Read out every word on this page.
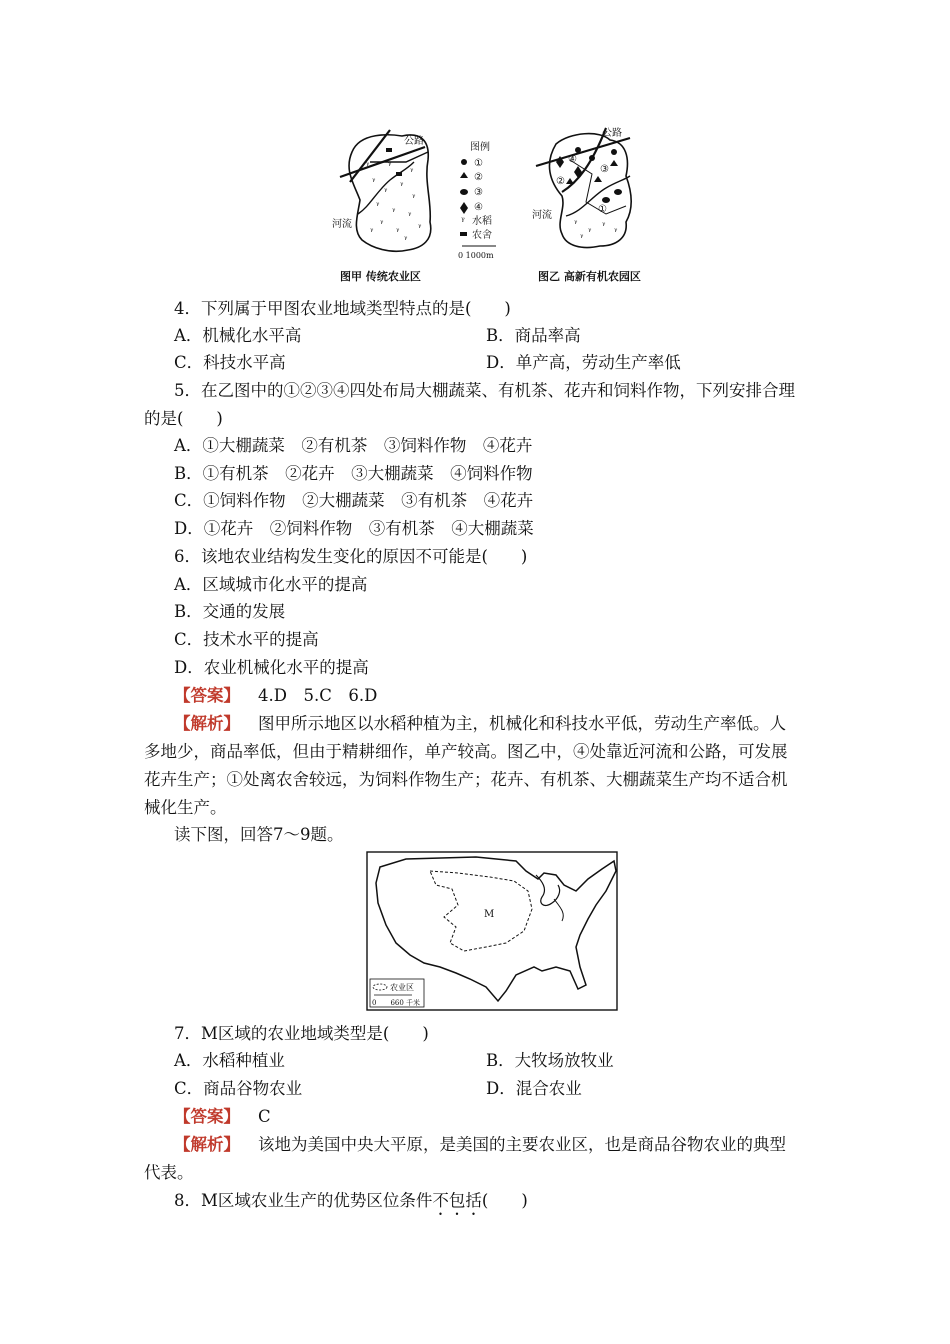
ᵞ
ᵞ
ᵞ
ᵞ
ᵞ
ᵞ ᵞ
ᵞ
ᵞ
ᵞ
ᵞ
ᵞ
ᵞ
ᵞ
ᵞ
公路
河流
图例
①
②
③
④
ᵞ 水稻
农舍
0 1000m
ᵞ
ᵞ
ᵞ
ᵞ
ᵞ
④
②
③
①
公路
河流
图甲 传统农业区	图乙 高新有机农园区
4．下列属于甲图农业地域类型特点的是(　　)
A．机械化水平高	B．商品率高
C．科技水平高	D．单产高，劳动生产率低
5．在乙图中的①②③④四处布局大棚蔬菜、有机茶、花卉和饲料作物，下列安排合理
的是(　　)
A．①大棚蔬菜　②有机茶　③饲料作物　④花卉
B．①有机茶　②花卉　③大棚蔬菜　④饲料作物
C．①饲料作物　②大棚蔬菜　③有机茶　④花卉
D．①花卉　②饲料作物　③有机茶　④大棚蔬菜
6．该地农业结构发生变化的原因不可能是(　　)
A．区域城市化水平的提高
B．交通的发展
C．技术水平的提高
D．农业机械化水平的提高
【答案】 4.D　5.C　6.D
【解析】 图甲所示地区以水稻种植为主，机械化和科技水平低，劳动生产率低。人
多地少，商品率低，但由于精耕细作，单产较高。图乙中，④处靠近河流和公路，可发展
花卉生产；①处离农舍较远，为饲料作物生产；花卉、有机茶、大棚蔬菜生产均不适合机
械化生产。
读下图，回答7～9题。
M
农业区
0　　660 千米
7．M区域的农业地域类型是(　　)
A．水稻种植业	B．大牧场放牧业
C．商品谷物农业	D．混合农业
【答案】 C
【解析】 该地为美国中央大平原，是美国的主要农业区，也是商品谷物农业的典型
代表。
8．M区域农业生产的优势区位条件不包括(　　)
